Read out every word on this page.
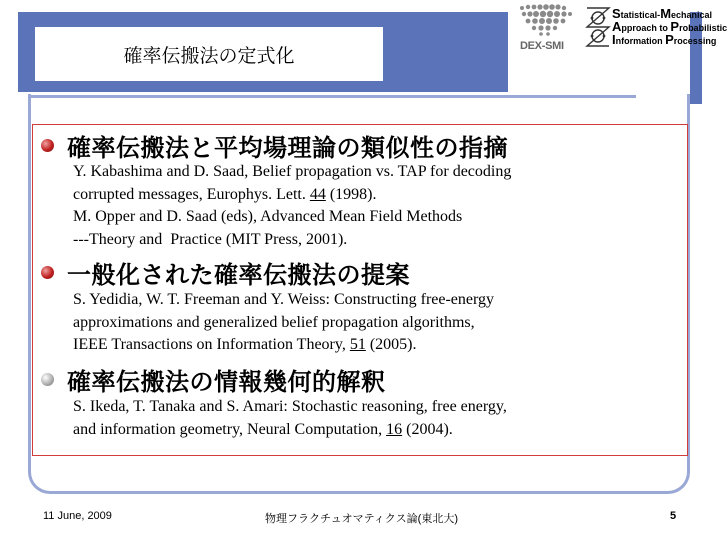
確率伝搬法の定式化	DEX-SMI
Statistical-Mechanical
Approach to Probabilistic
Information Processing
確率伝搬法と平均場理論の類似性の指摘
Y. Kabashima and D. Saad, Belief propagation vs. TAP for decoding
corrupted messages, Europhys. Lett. 44 (1998).
M. Opper and D. Saad (eds), Advanced Mean Field Methods
---Theory and  Practice (MIT Press, 2001).
一般化された確率伝搬法の提案
S. Yedidia, W. T. Freeman and Y. Weiss: Constructing free-energy
approximations and generalized belief propagation algorithms,
IEEE Transactions on Information Theory, 51 (2005).
確率伝搬法の情報幾何的解釈
S. Ikeda, T. Tanaka and S. Amari: Stochastic reasoning, free energy,
and information geometry, Neural Computation, 16 (2004).
11 June, 2009	物理フラクチュオマティクス論(東北大)	5
